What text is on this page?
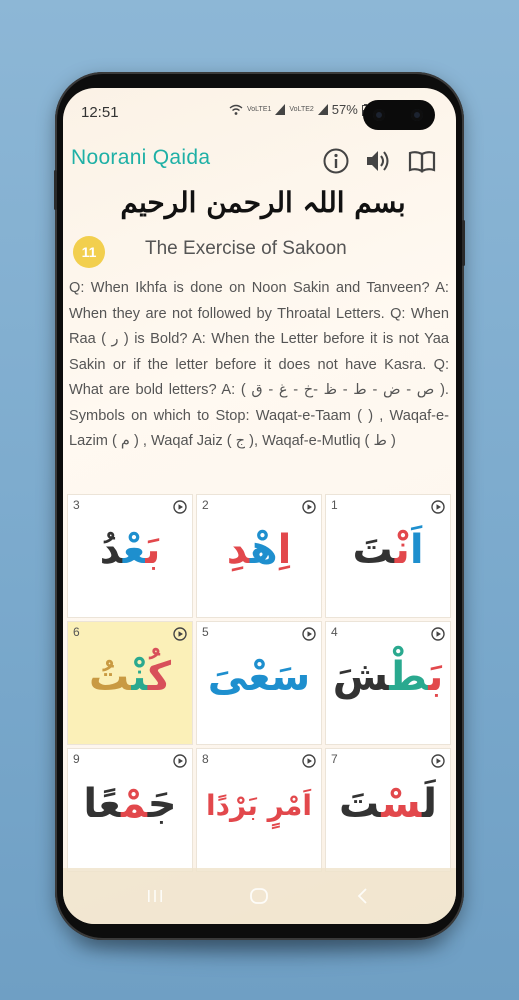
12:51	VoLTE1	VoLTE2 57%
Noorani Qaida
بسم اللہ الرحمن الرحیم
11	The Exercise of Sakoon
Q: When Ikhfa is done on Noon Sakin and Tanveen? A: When they are not followed by Throatal Letters. Q: When Raa ( ر ) is Bold? A: When the Letter before it is not Yaa Sakin or if the letter before it does not have Kasra. Q: What are bold letters? A: ( ص - ض - ط - ظ -خ - غ - ق ). Symbols on which to Stop: Waqat-e-Taam ( ) , Waqaf-e-Lazim ( م ) , Waqaf Jaiz ( ج ), Waqaf-e-Mutliq ( ط )
3
بَعْدُ
2
اِهْدِ
1
اَنْتَ
6
كُنْتُ
5
سَعْىَ
4
بَطْشَ
9
جَمْعًا
8
اَمْرٍ بَرْدًا
7
لَسْتَ
